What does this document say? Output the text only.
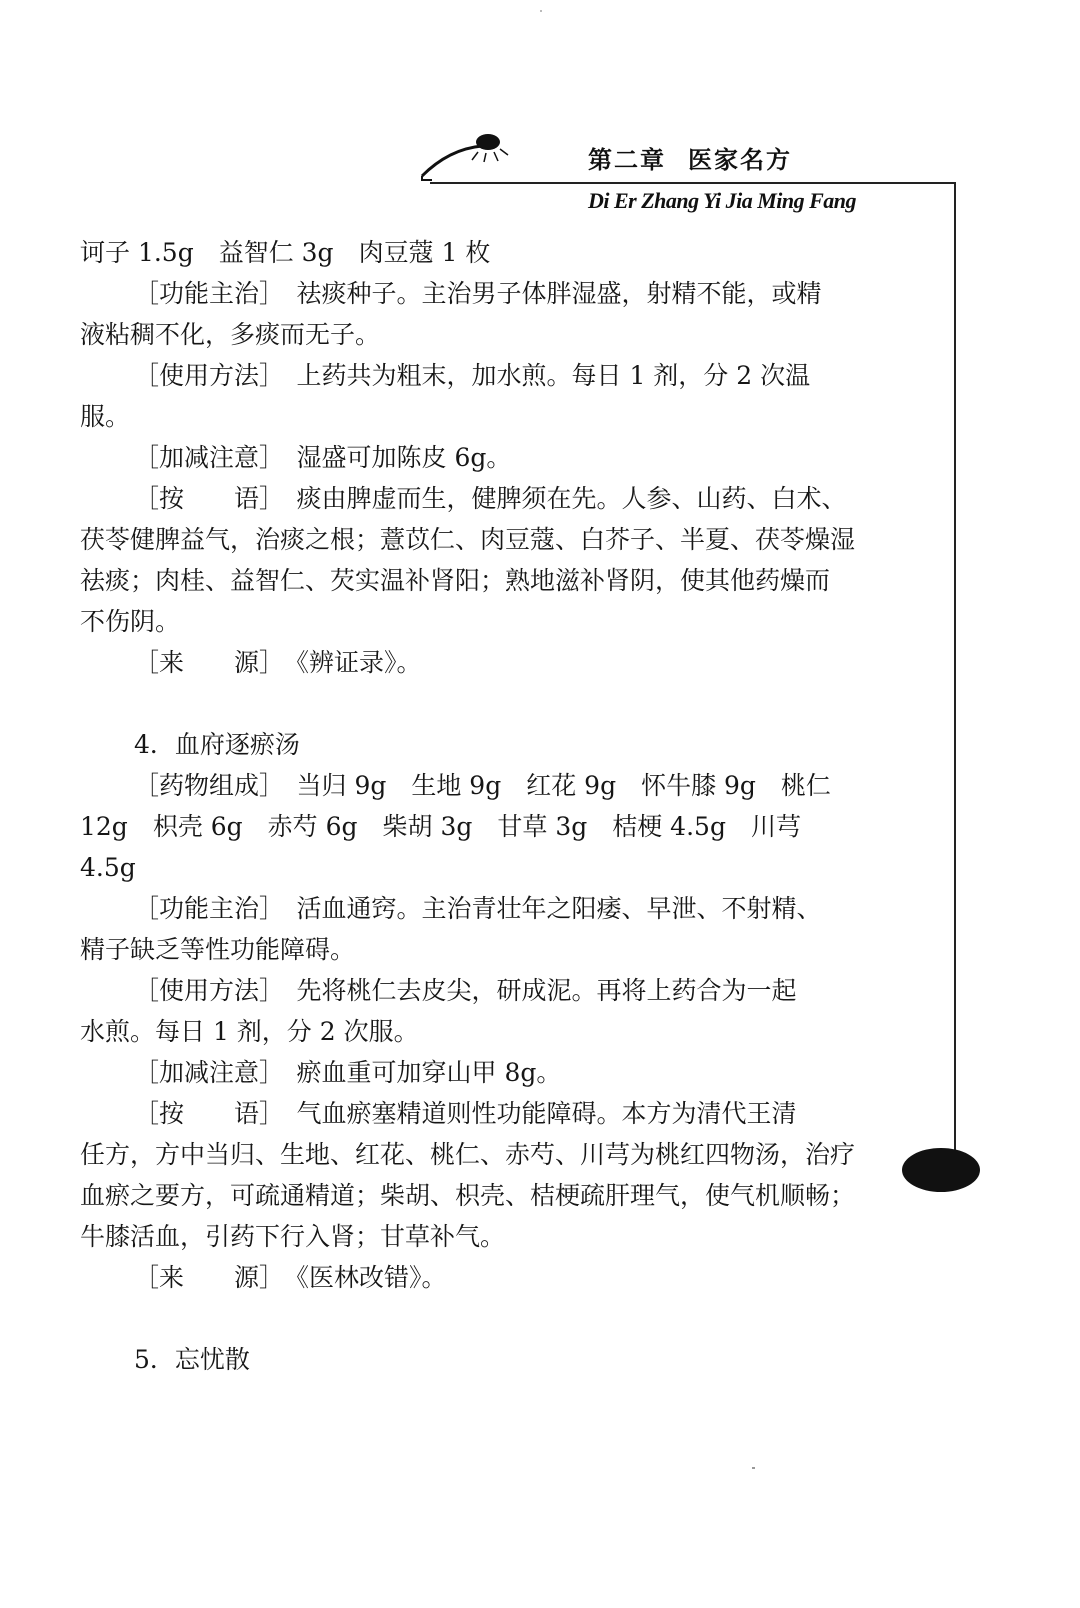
第二章 医家名方
Di Er Zhang Yi Jia Ming Fang
诃子 1.5g　益智仁 3g　肉豆蔻 1 枚
［功能主治］　祛痰种子。主治男子体胖湿盛，射精不能，或精
液粘稠不化，多痰而无子。
［使用方法］　上药共为粗末，加水煎。每日 1 剂，分 2 次温
服。
［加减注意］　湿盛可加陈皮 6g。
［按　　语］　痰由脾虚而生，健脾须在先。人参、山药、白术、
茯苓健脾益气，治痰之根；薏苡仁、肉豆蔻、白芥子、半夏、茯苓燥湿
祛痰；肉桂、益智仁、芡实温补肾阳；熟地滋补肾阴，使其他药燥而
不伤阴。
［来　　源］　《辨证录》。
4．血府逐瘀汤
［药物组成］　当归 9g　生地 9g　红花 9g　怀牛膝 9g　桃仁
12g　枳壳 6g　赤芍 6g　柴胡 3g　甘草 3g　桔梗 4.5g　川芎
4.5g
［功能主治］　活血通窍。主治青壮年之阳痿、早泄、不射精、
精子缺乏等性功能障碍。
［使用方法］　先将桃仁去皮尖，研成泥。再将上药合为一起
水煎。每日 1 剂，分 2 次服。
［加减注意］　瘀血重可加穿山甲 8g。
［按　　语］　气血瘀塞精道则性功能障碍。本方为清代王清
任方，方中当归、生地、红花、桃仁、赤芍、川芎为桃红四物汤，治疗
血瘀之要方，可疏通精道；柴胡、枳壳、桔梗疏肝理气，使气机顺畅；
牛膝活血，引药下行入肾；甘草补气。
［来　　源］　《医林改错》。
5．忘忧散
